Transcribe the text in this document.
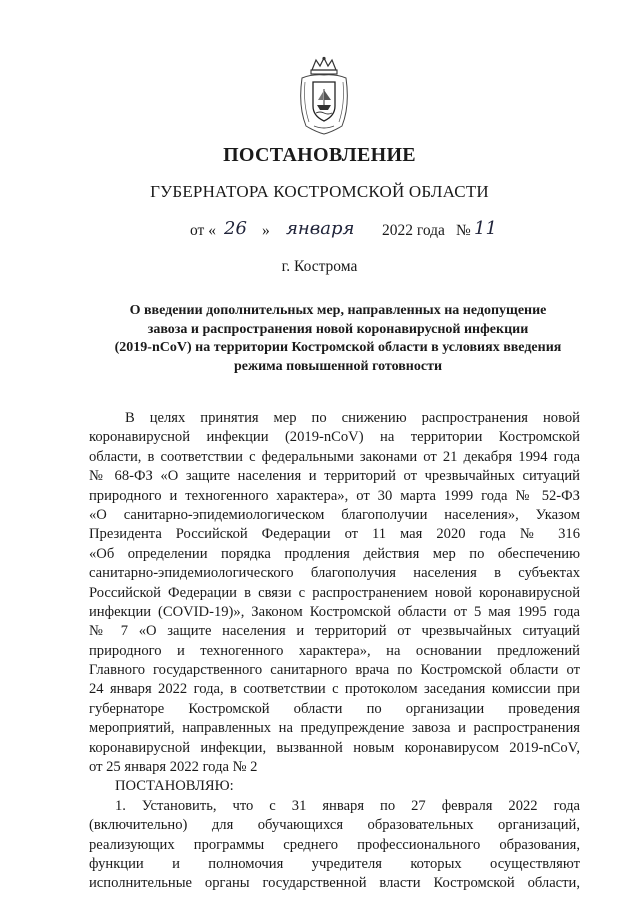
ПОСТАНОВЛЕНИЕ
ГУБЕРНАТОРА КОСТРОМСКОЙ ОБЛАСТИ
от « 26 » января 2022 года № 11
г. Кострома
О введении дополнительных мер, направленных на недопущение
завоза и распространения новой коронавирусной инфекции
(2019-nCoV) на территории Костромской области в условиях введения
режима повышенной готовности
В целях принятия мер по снижению распространения новой
коронавирусной инфекции (2019-nCoV) на территории Костромской
области, в соответствии с федеральными законами от 21 декабря 1994 года
№ 68-ФЗ «О защите населения и территорий от чрезвычайных ситуаций
природного и техногенного характера», от 30 марта 1999 года № 52-ФЗ
«О санитарно-эпидемиологическом благополучии населения», Указом
Президента Российской Федерации от 11 мая 2020 года № 316
«Об определении порядка продления действия мер по обеспечению
санитарно-эпидемиологического благополучия населения в субъектах
Российской Федерации в связи с распространением новой коронавирусной
инфекции (COVID-19)», Законом Костромской области от 5 мая 1995 года
№ 7 «О защите населения и территорий от чрезвычайных ситуаций
природного и техногенного характера», на основании предложений
Главного государственного санитарного врача по Костромской области от
24 января 2022 года, в соответствии с протоколом заседания комиссии при
губернаторе Костромской области по организации проведения
мероприятий, направленных на предупреждение завоза и распространения
коронавирусной инфекции, вызванной новым коронавирусом 2019-nCoV,
от 25 января 2022 года № 2
ПОСТАНОВЛЯЮ:
1. Установить, что с 31 января по 27 февраля 2022 года
(включительно) для обучающихся образовательных организаций,
реализующих программы среднего профессионального образования,
функции и полномочия учредителя которых осуществляют
исполнительные органы государственной власти Костромской области,
